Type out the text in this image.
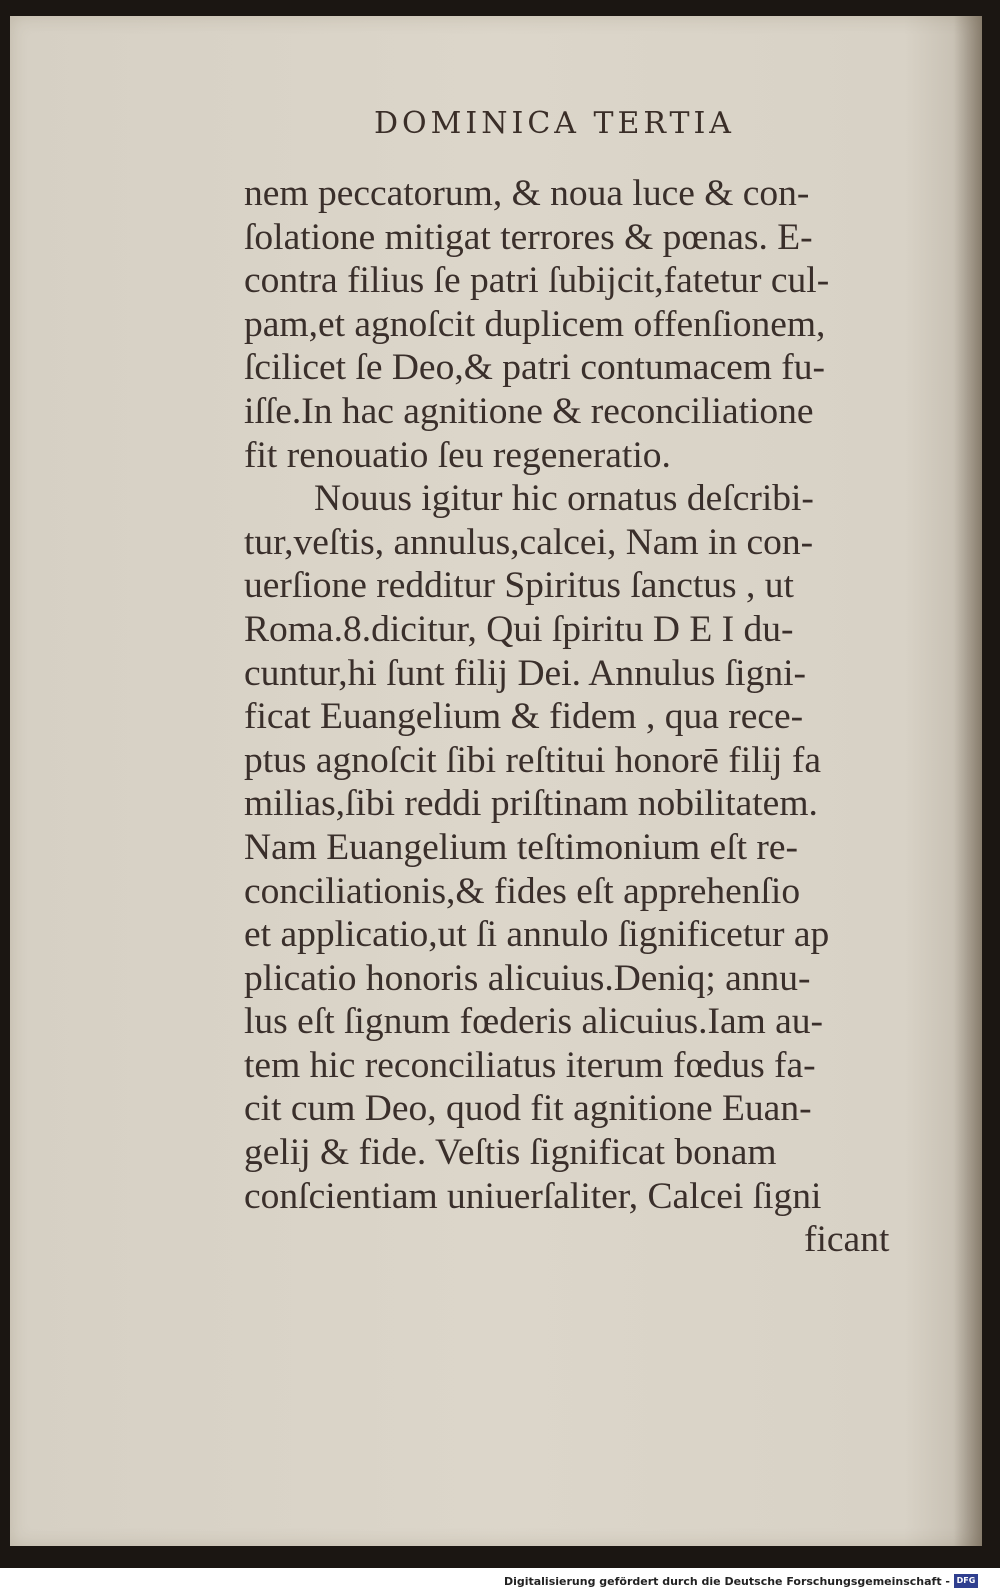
DOMINICA TERTIA
nem peccatorum, & noua luce & con-
ſolatione mitigat terrores & pœnas. E-
contra filius ſe patri ſubijcit,fatetur cul-
pam,et agnoſcit duplicem offenſionem,
ſcilicet ſe Deo,& patri contumacem fu-
iſſe.In hac agnitione & reconciliatione
fit renouatio ſeu regeneratio.
Nouus igitur hic ornatus deſcribi-
tur,veſtis, annulus,calcei, Nam in con-
uerſione redditur Spiritus ſanctus , ut
Roma.8.dicitur, Qui ſpiritu D E I du-
cuntur,hi ſunt filij Dei. Annulus ſigni-
ficat Euangelium & fidem , qua rece-
ptus agnoſcit ſibi reſtitui honorē filij fa
milias,ſibi reddi priſtinam nobilitatem.
Nam Euangelium teſtimonium eſt re-
conciliationis,& fides eſt apprehenſio
et applicatio,ut ſi annulo ſignificetur ap
plicatio honoris alicuius.Deniq; annu-
lus eſt ſignum fœderis alicuius.Iam au-
tem hic reconciliatus iterum fœdus fa-
cit cum Deo, quod fit agnitione Euan-
gelij & fide. Veſtis ſignificat bonam
conſcientiam uniuerſaliter, Calcei ſigni
ficant
Digitalisierung gefördert durch die Deutsche Forschungsgemeinschaft - DFG
